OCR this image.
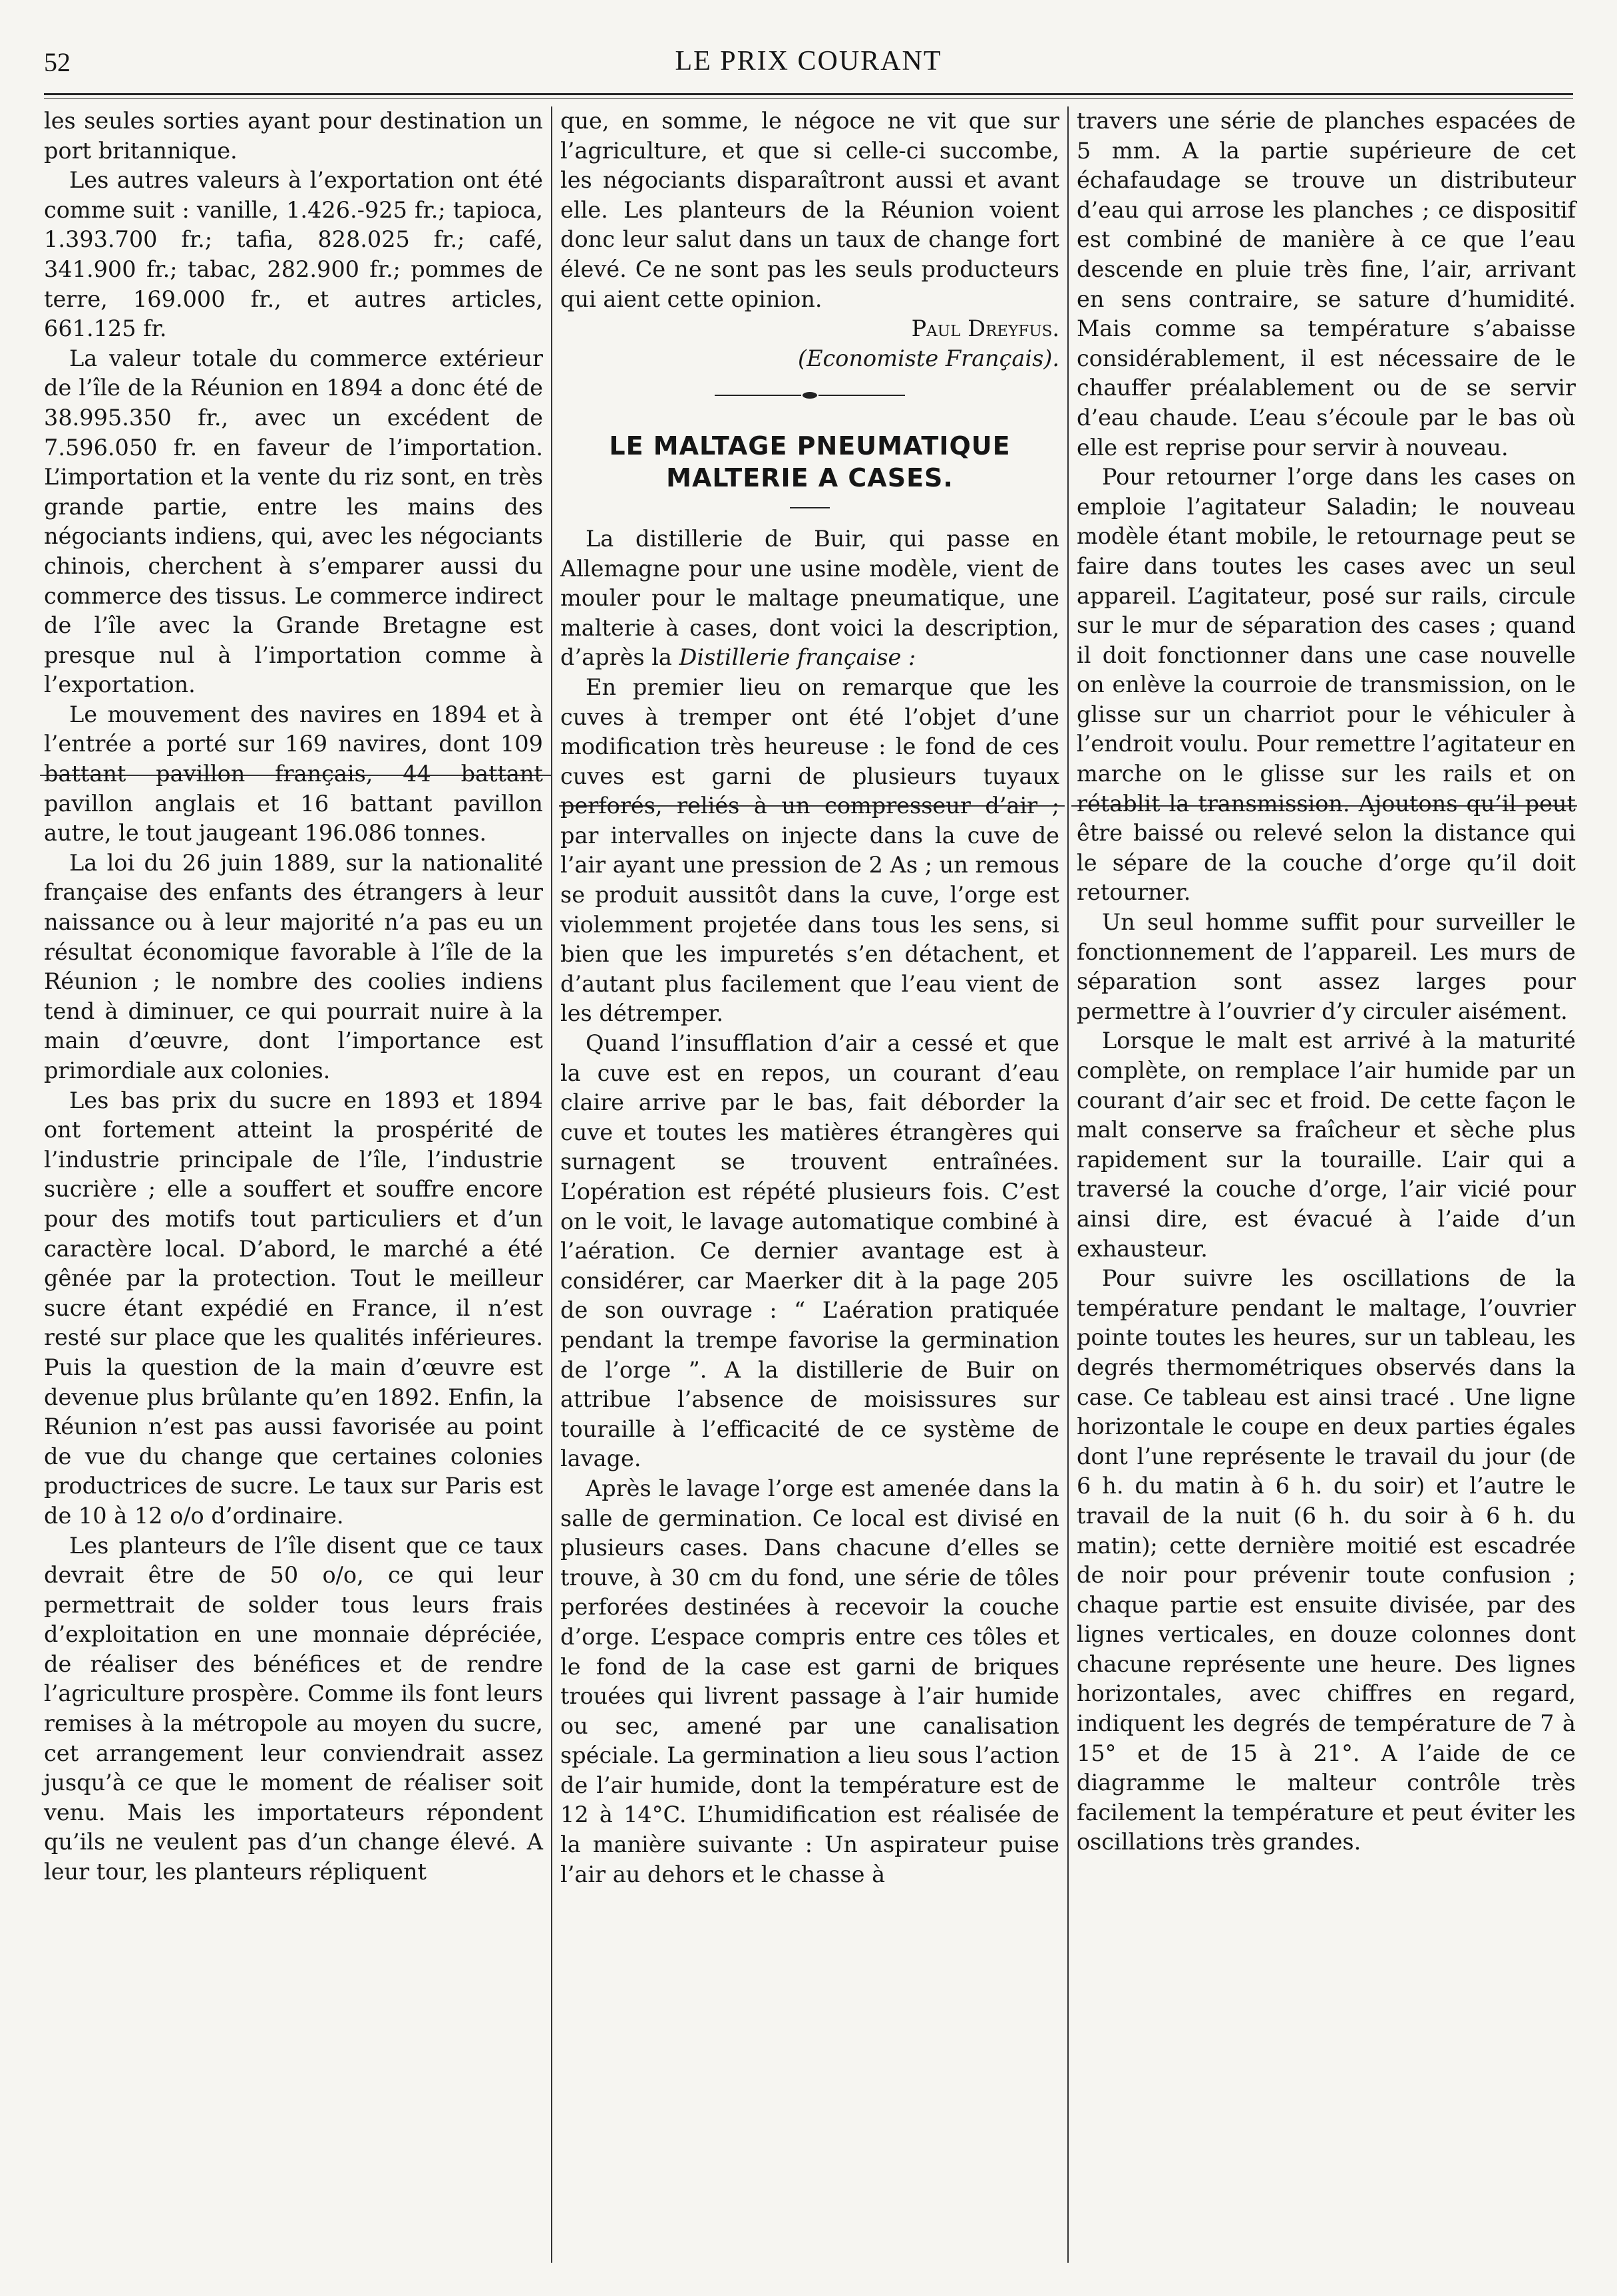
52	LE PRIX COURANT

les seules sorties ayant pour destination un port britannique.

Les autres valeurs à l’exportation ont été comme suit : vanille, 1.426.-925 fr.; tapioca, 1.393.700 fr.; tafia, 828.025 fr.; café, 341.900 fr.; tabac, 282.900 fr.; pommes de terre, 169.000 fr., et autres articles, 661.125 fr.

La valeur totale du commerce extérieur de l’île de la Réunion en 1894 a donc été de 38.995.350 fr., avec un excédent de 7.596.050 fr. en faveur de l’importation. L’importation et la vente du riz sont, en très grande partie, entre les mains des négociants indiens, qui, avec les négociants chinois, cherchent à s’emparer aussi du commerce des tissus. Le commerce indirect de l’île avec la Grande Bretagne est presque nul à l’importation comme à l’exportation.

Le mouvement des navires en 1894 et à l’entrée a porté sur 169 navires, dont 109 battant pavillon français, 44 battant pavillon anglais et 16 battant pavillon autre, le tout jaugeant 196.086 tonnes.

La loi du 26 juin 1889, sur la nationalité française des enfants des étrangers à leur naissance ou à leur majorité n’a pas eu un résultat économique favorable à l’île de la Réunion ; le nombre des coolies indiens tend à diminuer, ce qui pourrait nuire à la main d’œuvre, dont l’importance est primordiale aux colonies.

Les bas prix du sucre en 1893 et 1894 ont fortement atteint la prospérité de l’industrie principale de l’île, l’industrie sucrière ; elle a souffert et souffre encore pour des motifs tout particuliers et d’un caractère local. D’abord, le marché a été gênée par la protection. Tout le meilleur sucre étant expédié en France, il n’est resté sur place que les qualités inférieures. Puis la question de la main d’œuvre est devenue plus brûlante qu’en 1892. Enfin, la Réunion n’est pas aussi favorisée au point de vue du change que certaines colonies productrices de sucre. Le taux sur Paris est de 10 à 12 o/o d’ordinaire.

Les planteurs de l’île disent que ce taux devrait être de 50 o/o, ce qui leur permettrait de solder tous leurs frais d’exploitation en une monnaie dépréciée, de réaliser des bénéfices et de rendre l’agriculture prospère. Comme ils font leurs remises à la métropole au moyen du sucre, cet arrangement leur conviendrait assez jusqu’à ce que le moment de réaliser soit venu. Mais les importateurs répondent qu’ils ne veulent pas d’un change élevé. A leur tour, les planteurs répliquent

que, en somme, le négoce ne vit que sur l’agriculture, et que si celle-ci succombe, les négociants disparaîtront aussi et avant elle. Les planteurs de la Réunion voient donc leur salut dans un taux de change fort élevé. Ce ne sont pas les seuls producteurs qui aient cette opinion.

Paul Dreyfus.

(Economiste Français).

LE MALTAGE PNEUMATIQUE
MALTERIE A CASES.

La distillerie de Buir, qui passe en Allemagne pour une usine modèle, vient de mouler pour le maltage pneumatique, une malterie à cases, dont voici la description, d’après la Distillerie française :

En premier lieu on remarque que les cuves à tremper ont été l’objet d’une modification très heureuse : le fond de ces cuves est garni de plusieurs tuyaux perforés, reliés à un compresseur d’air ; par intervalles on injecte dans la cuve de l’air ayant une pression de 2 As ; un remous se produit aussitôt dans la cuve, l’orge est violemment projetée dans tous les sens, si bien que les impuretés s’en détachent, et d’autant plus facilement que l’eau vient de les détremper.

Quand l’insufflation d’air a cessé et que la cuve est en repos, un courant d’eau claire arrive par le bas, fait déborder la cuve et toutes les matières étrangères qui surnagent se trouvent entraînées. L’opération est répété plusieurs fois. C’est on le voit, le lavage automatique combiné à l’aération. Ce dernier avantage est à considérer, car Maerker dit à la page 205 de son ouvrage : “ L’aération pratiquée pendant la trempe favorise la germination de l’orge ”. A la distillerie de Buir on attribue l’absence de moisissures sur touraille à l’efficacité de ce système de lavage.

Après le lavage l’orge est amenée dans la salle de germination. Ce local est divisé en plusieurs cases. Dans chacune d’elles se trouve, à 30 cm du fond, une série de tôles perforées destinées à recevoir la couche d’orge. L’espace compris entre ces tôles et le fond de la case est garni de briques trouées qui livrent passage à l’air humide ou sec, amené par une canalisation spéciale. La germination a lieu sous l’action de l’air humide, dont la température est de 12 à 14°C. L’humidification est réalisée de la manière suivante : Un aspirateur puise l’air au dehors et le chasse à

travers une série de planches espacées de 5 mm. A la partie supérieure de cet échafaudage se trouve un distributeur d’eau qui arrose les planches ; ce dispositif est combiné de manière à ce que l’eau descende en pluie très fine, l’air, arrivant en sens contraire, se sature d’humidité. Mais comme sa température s’abaisse considérablement, il est nécessaire de le chauffer préalablement ou de se servir d’eau chaude. L’eau s’écoule par le bas où elle est reprise pour servir à nouveau.

Pour retourner l’orge dans les cases on emploie l’agitateur Saladin; le nouveau modèle étant mobile, le retournage peut se faire dans toutes les cases avec un seul appareil. L’agitateur, posé sur rails, circule sur le mur de séparation des cases ; quand il doit fonctionner dans une case nouvelle on enlève la courroie de transmission, on le glisse sur un charriot pour le véhiculer à l’endroit voulu. Pour remettre l’agitateur en marche on le glisse sur les rails et on rétablit la transmission. Ajoutons qu’il peut être baissé ou relevé selon la distance qui le sépare de la couche d’orge qu’il doit retourner.

Un seul homme suffit pour surveiller le fonctionnement de l’appareil. Les murs de séparation sont assez larges pour permettre à l’ouvrier d’y circuler aisément.

Lorsque le malt est arrivé à la maturité complète, on remplace l’air humide par un courant d’air sec et froid. De cette façon le malt conserve sa fraîcheur et sèche plus rapidement sur la touraille. L’air qui a traversé la couche d’orge, l’air vicié pour ainsi dire, est évacué à l’aide d’un exhausteur.

Pour suivre les oscillations de la température pendant le maltage, l’ouvrier pointe toutes les heures, sur un tableau, les degrés thermométriques observés dans la case. Ce tableau est ainsi tracé . Une ligne horizontale le coupe en deux parties égales dont l’une représente le travail du jour (de 6 h. du matin à 6 h. du soir) et l’autre le travail de la nuit (6 h. du soir à 6 h. du matin); cette dernière moitié est escadrée de noir pour prévenir toute confusion ; chaque partie est ensuite divisée, par des lignes verticales, en douze colonnes dont chacune représente une heure. Des lignes horizontales, avec chiffres en regard, indiquent les degrés de température de 7 à 15° et de 15 à 21°. A l’aide de ce diagramme le malteur contrôle très facilement la température et peut éviter les oscillations très grandes.
